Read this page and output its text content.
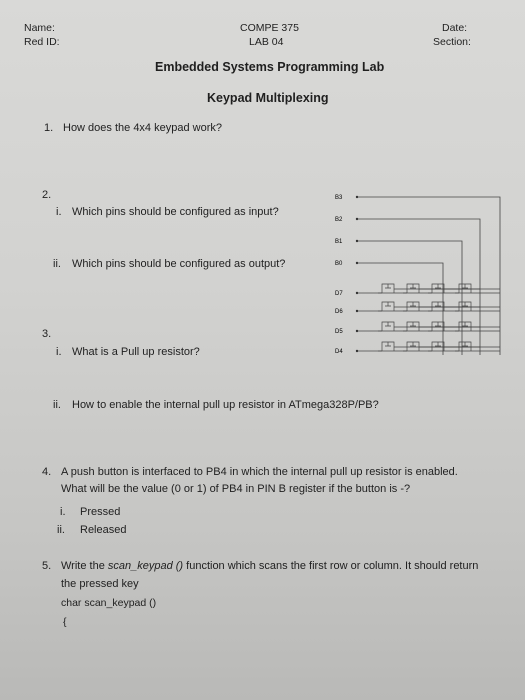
Name:
Red ID:
COMPE 375
LAB 04
Date:
Section:
Embedded Systems Programming Lab
Keypad Multiplexing
1. How does the 4x4 keypad work?
2.
i. Which pins should be configured as input?
ii. Which pins should be configured as output?
3.
i. What is a Pull up resistor?
ii. How to enable the internal pull up resistor in ATmega328P/PB?
4. A push button is interfaced to PB4 in which the internal pull up resistor is enabled.
What will be the value (0 or 1) of PB4 in PIN B register if the button is -?
i. Pressed
ii. Released
5. Write the scan_keypad () function which scans the first row or column. It should return
the pressed key
char scan_keypad ()
{
B3
B2
B1
B0
D7
D6
D5
D4
